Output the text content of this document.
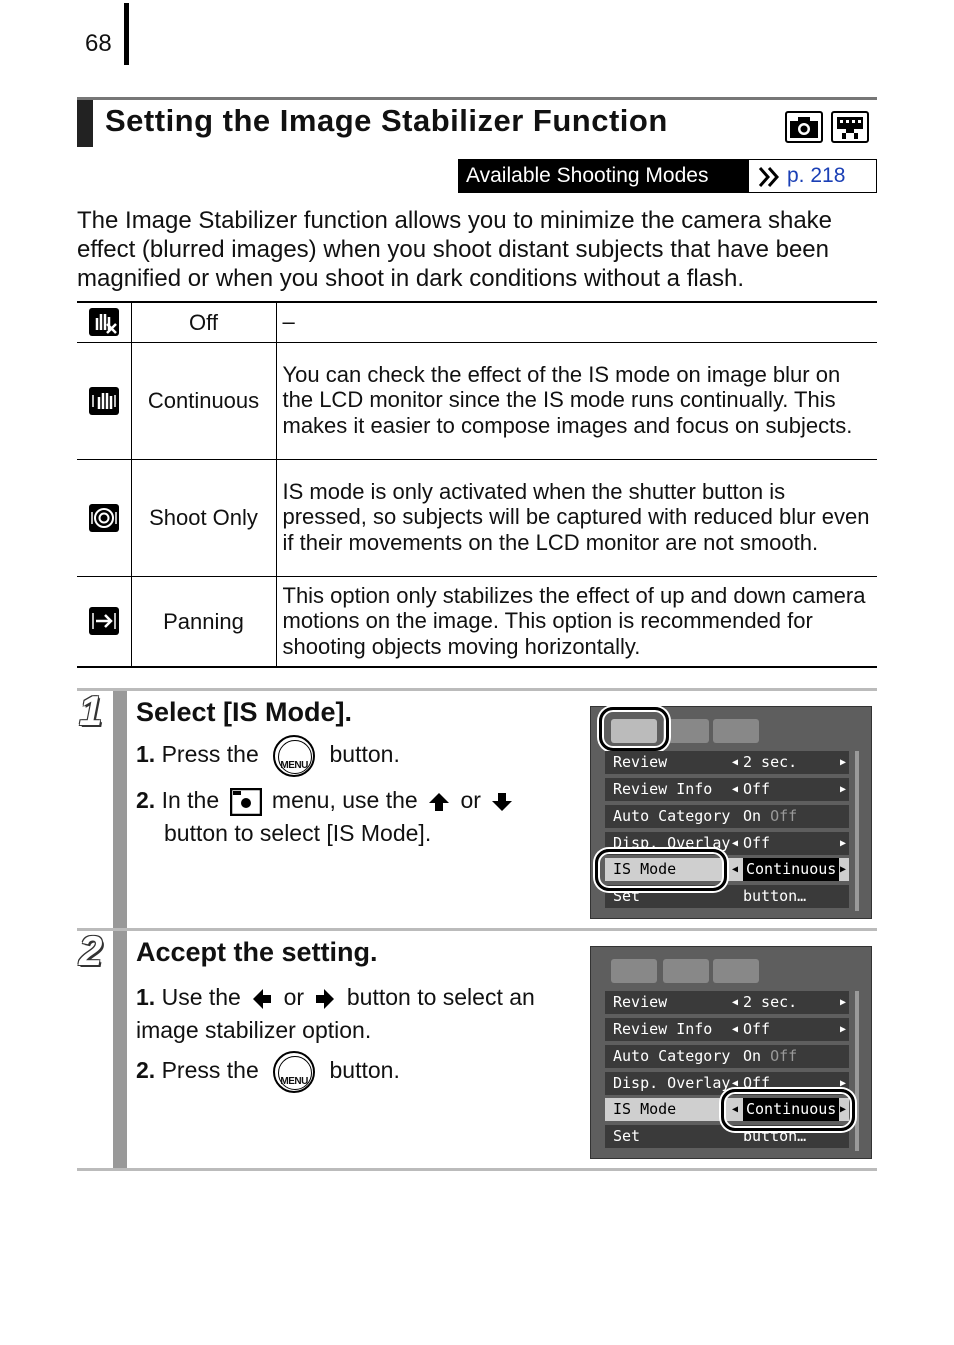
68
Setting the Image Stabilizer Function
Available Shooting Modes	p. 218
The Image Stabilizer function allows you to minimize the camera shake effect (blurred images) when you shoot distant subjects that have been magnified or when you shoot in dark conditions without a flash.
	Off	–
	Continuous	You can check the effect of the IS mode on image blur on the LCD monitor since the IS mode runs continually. This makes it easier to compose images and focus on subjects.
	Shoot Only	IS mode is only activated when the shutter button is pressed, so subjects will be captured with reduced blur even if their movements on the LCD monitor are not smooth.
	Panning	This option only stabilizes the effect of up and down camera motions on the image. This option is recommended for shooting objects moving horizontally.
1 Select [IS Mode].
1. Press the	MENU button.
2. In the menu, use the or
button to select [IS Mode].
Review	◀ 2 sec.	▶
Review Info ◀ Off	▶
Auto Category On Off
Disp. Overlay ◀ Off	▶
IS Mode	◀ Continuous ▶
Set	button…
2 Accept the setting.
1. Use the or button to select an image stabilizer option.
2. Press the	MENU button.
Review	◀ 2 sec.	▶
Review Info ◀ Off	▶
Auto Category On Off
Disp. Overlay ◀ Off	▶
IS Mode	◀ Continuous ▶
Set	button…
